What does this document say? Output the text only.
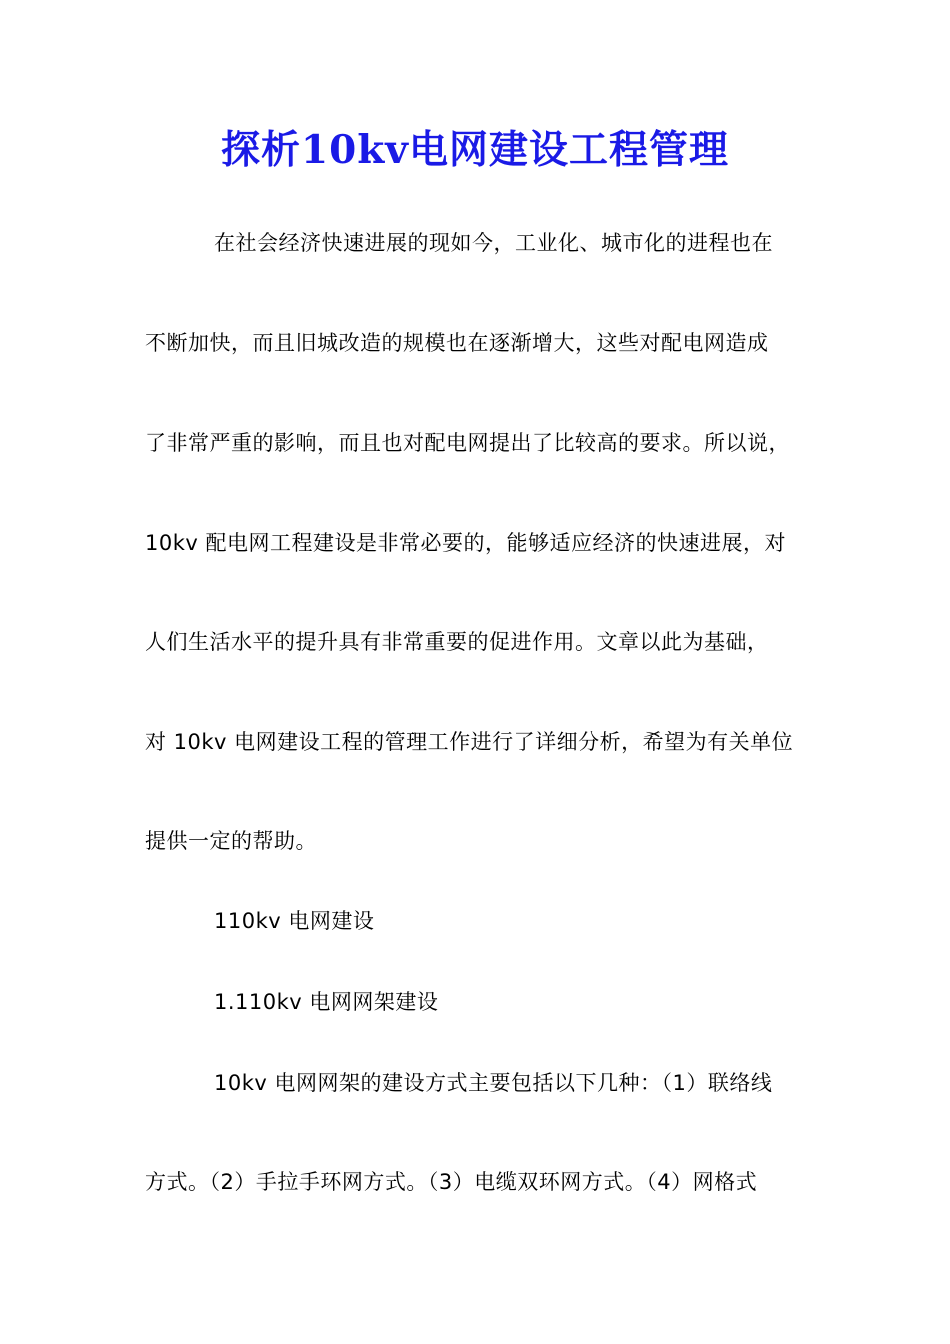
探析10kv电网建设工程管理
在社会经济快速进展的现如今，工业化、城市化的进程也在
不断加快，而且旧城改造的规模也在逐渐增大，这些对配电网造成
了非常严重的影响，而且也对配电网提出了比较高的要求。所以说，
10kv 配电网工程建设是非常必要的，能够适应经济的快速进展，对
人们生活水平的提升具有非常重要的促进作用。文章以此为基础，
对 10kv 电网建设工程的管理工作进行了详细分析，希望为有关单位
提供一定的帮助。
110kv 电网建设
1.110kv 电网网架建设
10kv 电网网架的建设方式主要包括以下几种：（1）联络线
方式。（2）手拉手环网方式。（3）电缆双环网方式。（4）网格式
